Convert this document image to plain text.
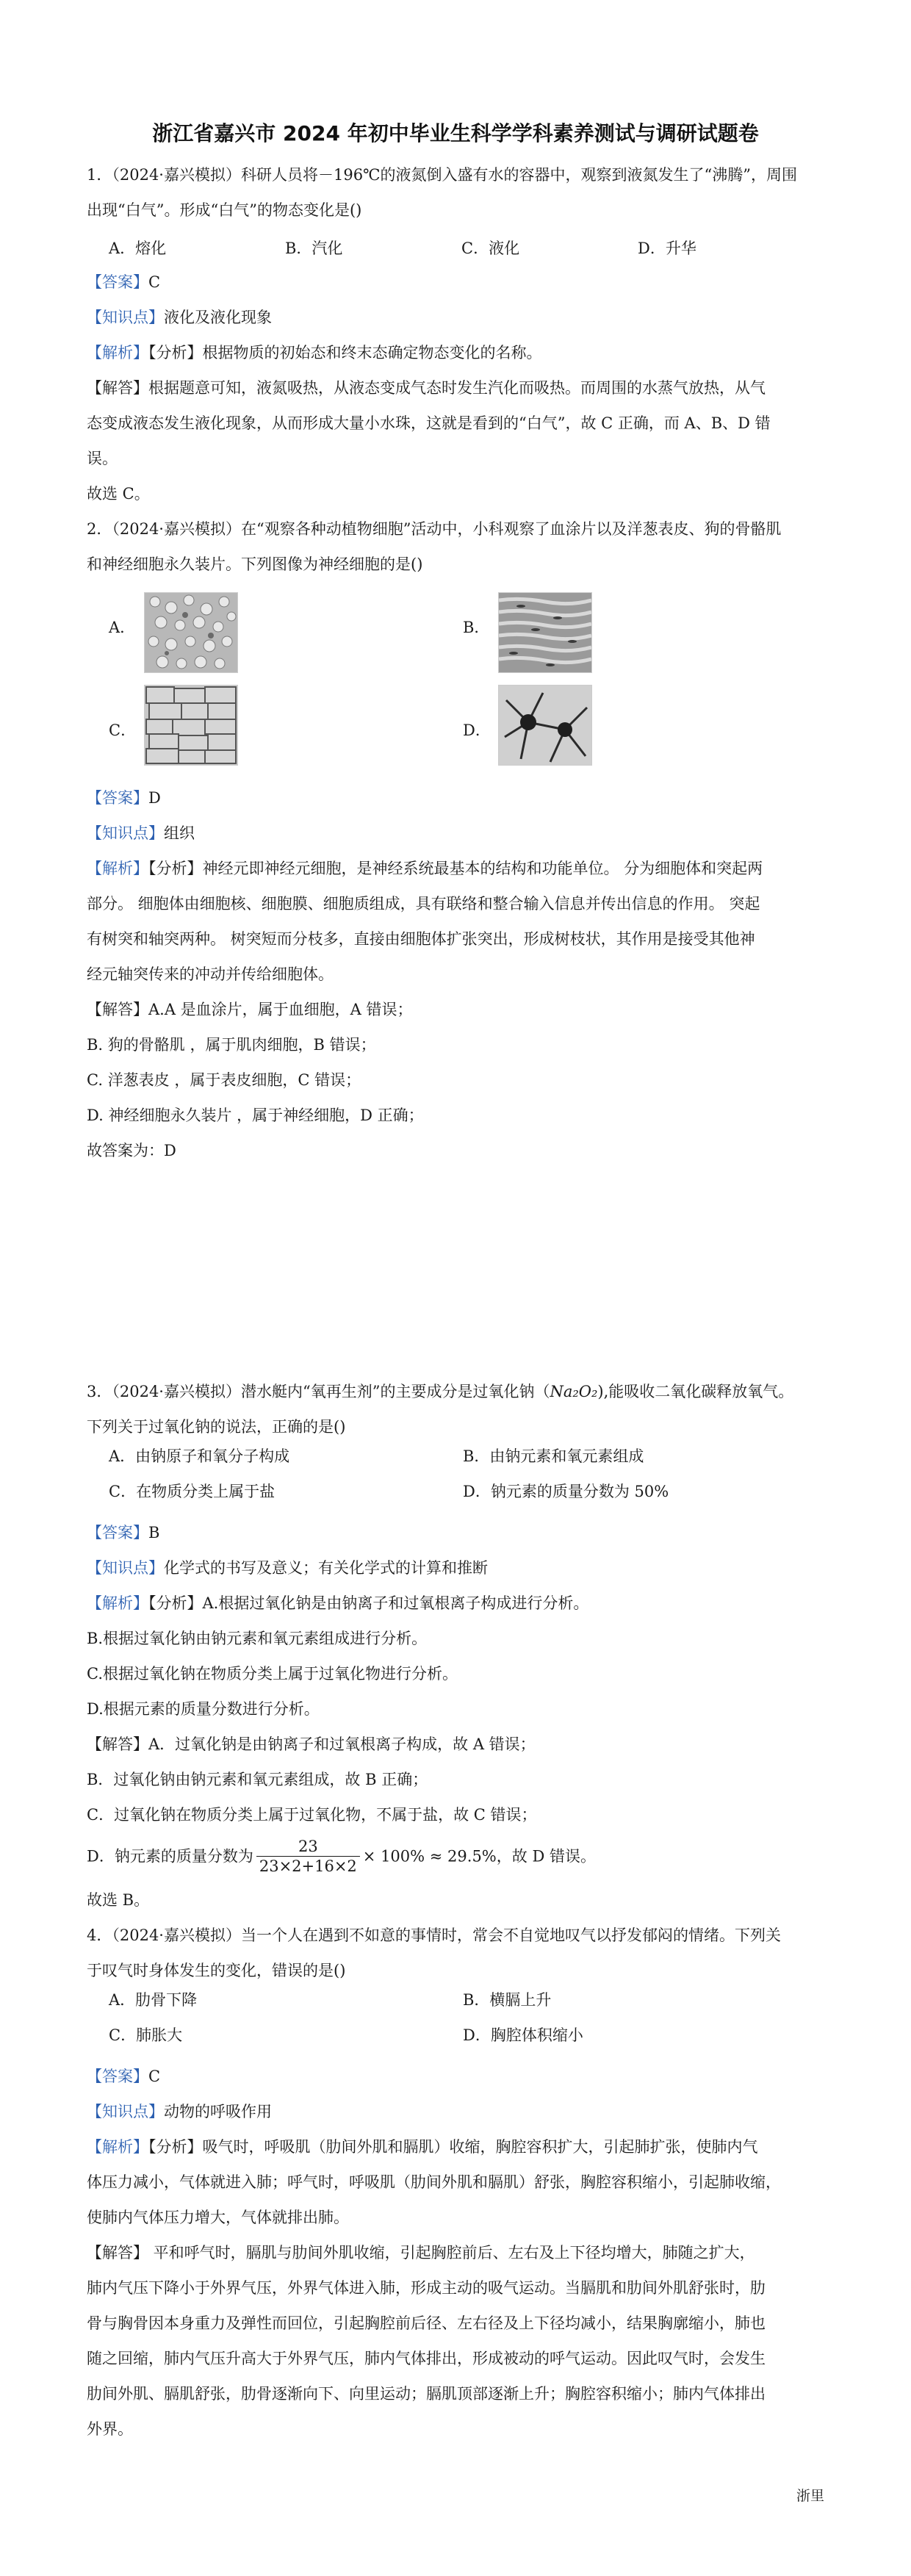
浙江省嘉兴市 2024 年初中毕业生科学学科素养测试与调研试题卷
1．（2024·嘉兴模拟）科研人员将－196℃的液氮倒入盛有水的容器中，观察到液氮发生了“沸腾”，周围
出现“白气”。形成“白气”的物态变化是()
A．熔化	B．汽化	C．液化	D．升华
【答案】C
【知识点】液化及液化现象
【解析】【分析】根据物质的初始态和终末态确定物态变化的名称。
【解答】根据题意可知，液氮吸热，从液态变成气态时发生汽化而吸热。而周围的水蒸气放热，从气
态变成液态发生液化现象，从而形成大量小水珠，这就是看到的“白气”，故 C 正确，而 A、B、D 错
误。
故选 C。
2．（2024·嘉兴模拟）在“观察各种动植物细胞”活动中，小科观察了血涂片以及洋葱表皮、狗的骨骼肌
和神经细胞永久装片。下列图像为神经细胞的是()
A．	B．
C．	D．
【答案】D
【知识点】组织
【解析】【分析】神经元即神经元细胞，是神经系统最基本的结构和功能单位。 分为细胞体和突起两
部分。 细胞体由细胞核、细胞膜、细胞质组成，具有联络和整合输入信息并传出信息的作用。 突起
有树突和轴突两种。 树突短而分枝多，直接由细胞体扩张突出，形成树枝状，其作用是接受其他神
经元轴突传来的冲动并传给细胞体。
【解答】A.A 是血涂片，属于血细胞，A 错误；
B. 狗的骨骼肌 ，属于肌肉细胞，B 错误；
C. 洋葱表皮 ，属于表皮细胞，C 错误；
D. 神经细胞永久装片 ，属于神经细胞，D 正确；
故答案为：D
3．（2024·嘉兴模拟）潜水艇内“氧再生剂”的主要成分是过氧化钠（Na₂O₂),能吸收二氧化碳释放氧气。
下列关于过氧化钠的说法，正确的是()
A．由钠原子和氧分子构成	B．由钠元素和氧元素组成
C．在物质分类上属于盐	D．钠元素的质量分数为 50%
【答案】B
【知识点】化学式的书写及意义；有关化学式的计算和推断
【解析】【分析】A.根据过氧化钠是由钠离子和过氧根离子构成进行分析。
B.根据过氧化钠由钠元素和氧元素组成进行分析。
C.根据过氧化钠在物质分类上属于过氧化物进行分析。
D.根据元素的质量分数进行分析。
【解答】A．过氧化钠是由钠离子和过氧根离子构成，故 A 错误；
B．过氧化钠由钠元素和氧元素组成，故 B 正确；
C．过氧化钠在物质分类上属于过氧化物，不属于盐，故 C 错误；
D．钠元素的质量分数为 $\frac{23}{23\times 2+16\times 2} \times 100\% \approx 29.5\%$，故 D 错误。
故选 B。
4．（2024·嘉兴模拟）当一个人在遇到不如意的事情时，常会不自觉地叹气以抒发郁闷的情绪。下列关
于叹气时身体发生的变化，错误的是()
A．肋骨下降	B．横膈上升
C．肺胀大	D．胸腔体积缩小
【答案】C
【知识点】动物的呼吸作用
【解析】【分析】吸气时，呼吸肌（肋间外肌和膈肌）收缩，胸腔容积扩大，引起肺扩张，使肺内气
体压力减小，气体就进入肺；呼气时，呼吸肌（肋间外肌和膈肌）舒张，胸腔容积缩小，引起肺收缩，
使肺内气体压力增大，气体就排出肺。
【解答】 平和呼气时，膈肌与肋间外肌收缩，引起胸腔前后、左右及上下径均增大，肺随之扩大，
肺内气压下降小于外界气压，外界气体进入肺，形成主动的吸气运动。当膈肌和肋间外肌舒张时，肋
骨与胸骨因本身重力及弹性而回位，引起胸腔前后径、左右径及上下径均减小，结果胸廓缩小，肺也
随之回缩，肺内气压升高大于外界气压，肺内气体排出，形成被动的呼气运动。因此叹气时，会发生
肋间外肌、膈肌舒张，肋骨逐渐向下、向里运动；膈肌顶部逐渐上升；胸腔容积缩小；肺内气体排出
外界。
浙里
